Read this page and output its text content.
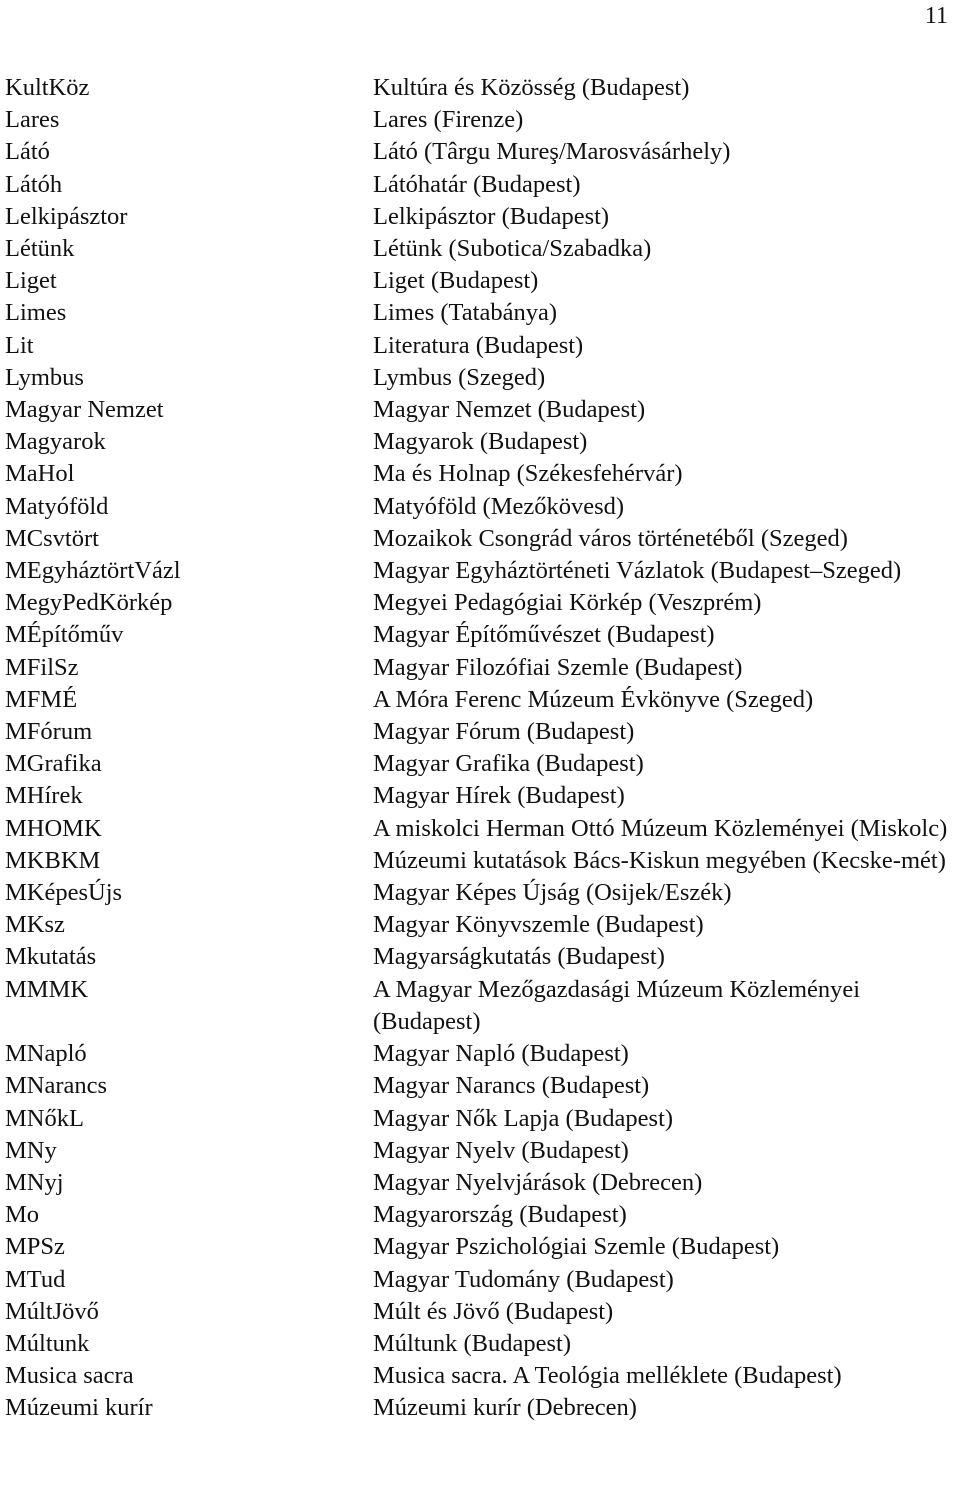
11
KultKöz	Kultúra és Közösség (Budapest)
Lares	Lares (Firenze)
Látó	Látó (Târgu Mureş/Marosvásárhely)
Látóh	Látóhatár (Budapest)
Lelkipásztor	Lelkipásztor (Budapest)
Létünk	Létünk (Subotica/Szabadka)
Liget	Liget (Budapest)
Limes	Limes (Tatabánya)
Lit	Literatura (Budapest)
Lymbus	Lymbus (Szeged)
Magyar Nemzet	Magyar Nemzet (Budapest)
Magyarok	Magyarok (Budapest)
MaHol	Ma és Holnap (Székesfehérvár)
Matyóföld	Matyóföld (Mezőkövesd)
MCsvtört	Mozaikok Csongrád város történetéből (Szeged)
MEgyháztörtVázl	Magyar Egyháztörténeti Vázlatok (Budapest–Szeged)
MegyPedKörkép	Megyei Pedagógiai Körkép (Veszprém)
MÉpítőműv	Magyar Építőművészet (Budapest)
MFilSz	Magyar Filozófiai Szemle (Budapest)
MFMÉ	A Móra Ferenc Múzeum Évkönyve (Szeged)
MFórum	Magyar Fórum (Budapest)
MGrafika	Magyar Grafika (Budapest)
MHírek	Magyar Hírek (Budapest)
MHOMK	A miskolci Herman Ottó Múzeum Közleményei (Miskolc)
MKBKM	Múzeumi kutatások Bács-Kiskun megyében (Kecske-mét)
MKépesÚjs	Magyar Képes Újság (Osijek/Eszék)
MKsz	Magyar Könyvszemle (Budapest)
Mkutatás	Magyarságkutatás (Budapest)
MMMK	A Magyar Mezőgazdasági Múzeum Közleményei (Budapest)
MNapló	Magyar Napló (Budapest)
MNarancs	Magyar Narancs (Budapest)
MNőkL	Magyar Nők Lapja (Budapest)
MNy	Magyar Nyelv (Budapest)
MNyj	Magyar Nyelvjárások (Debrecen)
Mo	Magyarország (Budapest)
MPSz	Magyar Pszichológiai Szemle (Budapest)
MTud	Magyar Tudomány (Budapest)
MúltJövő	Múlt és Jövő (Budapest)
Múltunk	Múltunk (Budapest)
Musica sacra	Musica sacra. A Teológia melléklete (Budapest)
Múzeumi kurír	Múzeumi kurír (Debrecen)
